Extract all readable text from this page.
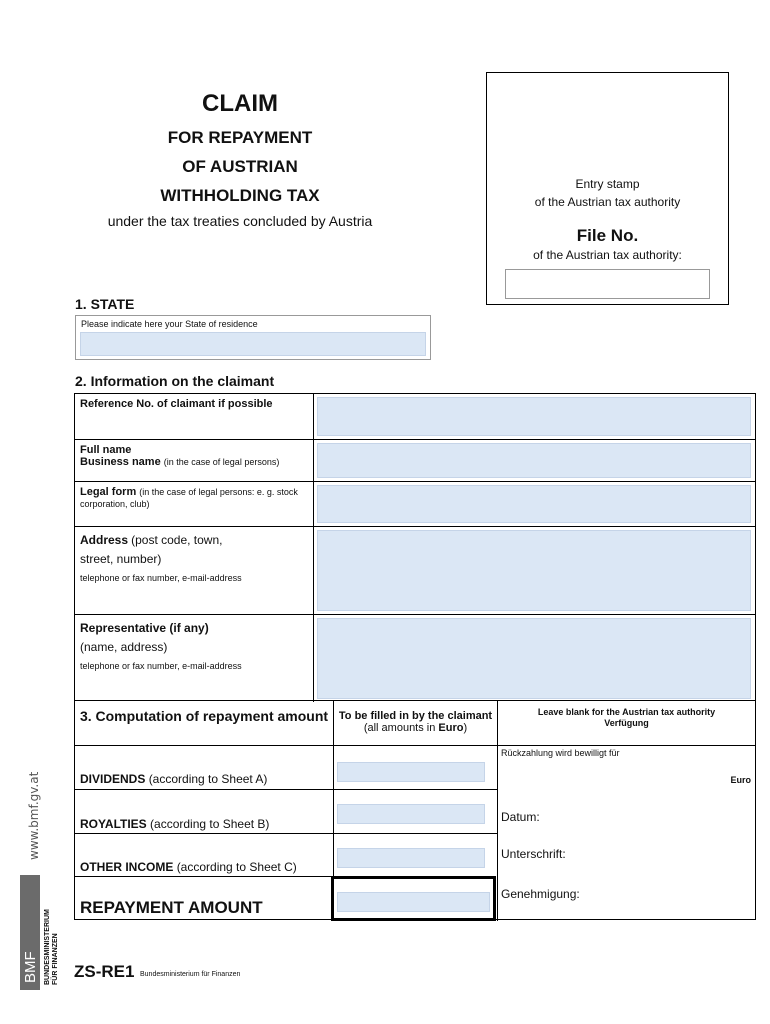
CLAIM
FOR REPAYMENT
OF AUSTRIAN
WITHHOLDING TAX
under the tax treaties concluded by Austria
Entry stamp
of the Austrian tax authority
File No.
of the Austrian tax authority:
1. STATE
Please indicate here your State of residence
2. Information on the claimant
Reference No. of claimant if possible
Full name
Business name (in the case of legal persons)
Legal form (in the case of legal persons: e. g. stock corporation, club)
Address (post code, town,
street, number)
telephone or fax number, e-mail-address
Representative (if any)
(name, address)
telephone or fax number, e-mail-address
3. Computation of repayment amount To be filled in by the claimant
(all amounts in Euro)
Leave blank for the Austrian tax authority
Verfügung
DIVIDENDS (according to Sheet A)
ROYALTIES (according to Sheet B)
OTHER INCOME (according to Sheet C)
REPAYMENT AMOUNT
Rückzahlung wird bewilligt für
Euro
Datum:
Unterschrift:
Genehmigung:
www.bmf.gv.at
BMF BUNDESMINISTERIUM FÜR FINANZEN ZS-RE1 Bundesministerium für Finanzen
